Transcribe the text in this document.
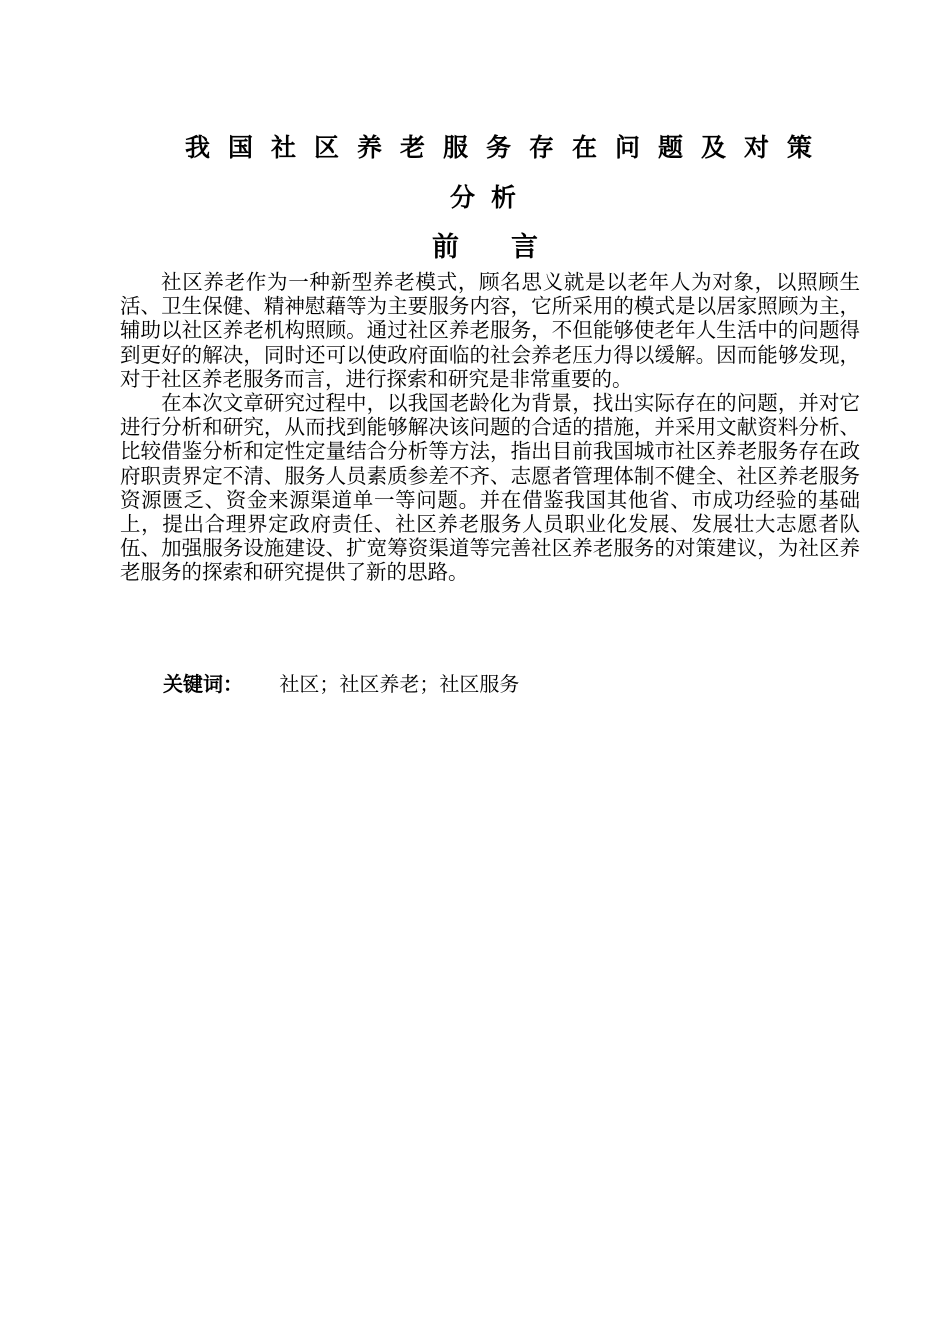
我国社区养老服务存在问题及对策
分析
前言

社区养老作为一种新型养老模式，顾名思义就是以老年人为对象，以照顾生活、卫生保健、精神慰藉等为主要服务内容，它所采用的模式是以居家照顾为主，辅助以社区养老机构照顾。通过社区养老服务，不但能够使老年人生活中的问题得到更好的解决，同时还可以使政府面临的社会养老压力得以缓解。因而能够发现，对于社区养老服务而言，进行探索和研究是非常重要的。

在本次文章研究过程中，以我国老龄化为背景，找出实际存在的问题，并对它进行分析和研究，从而找到能够解决该问题的合适的措施，并采用文献资料分析、比较借鉴分析和定性定量结合分析等方法，指出目前我国城市社区养老服务存在政府职责界定不清、服务人员素质参差不齐、志愿者管理体制不健全、社区养老服务资源匮乏、资金来源渠道单一等问题。并在借鉴我国其他省、市成功经验的基础上，提出合理界定政府责任、社区养老服务人员职业化发展、发展壮大志愿者队伍、加强服务设施建设、扩宽筹资渠道等完善社区养老服务的对策建议，为社区养老服务的探索和研究提供了新的思路。

关键词： 社区；社区养老；社区服务
